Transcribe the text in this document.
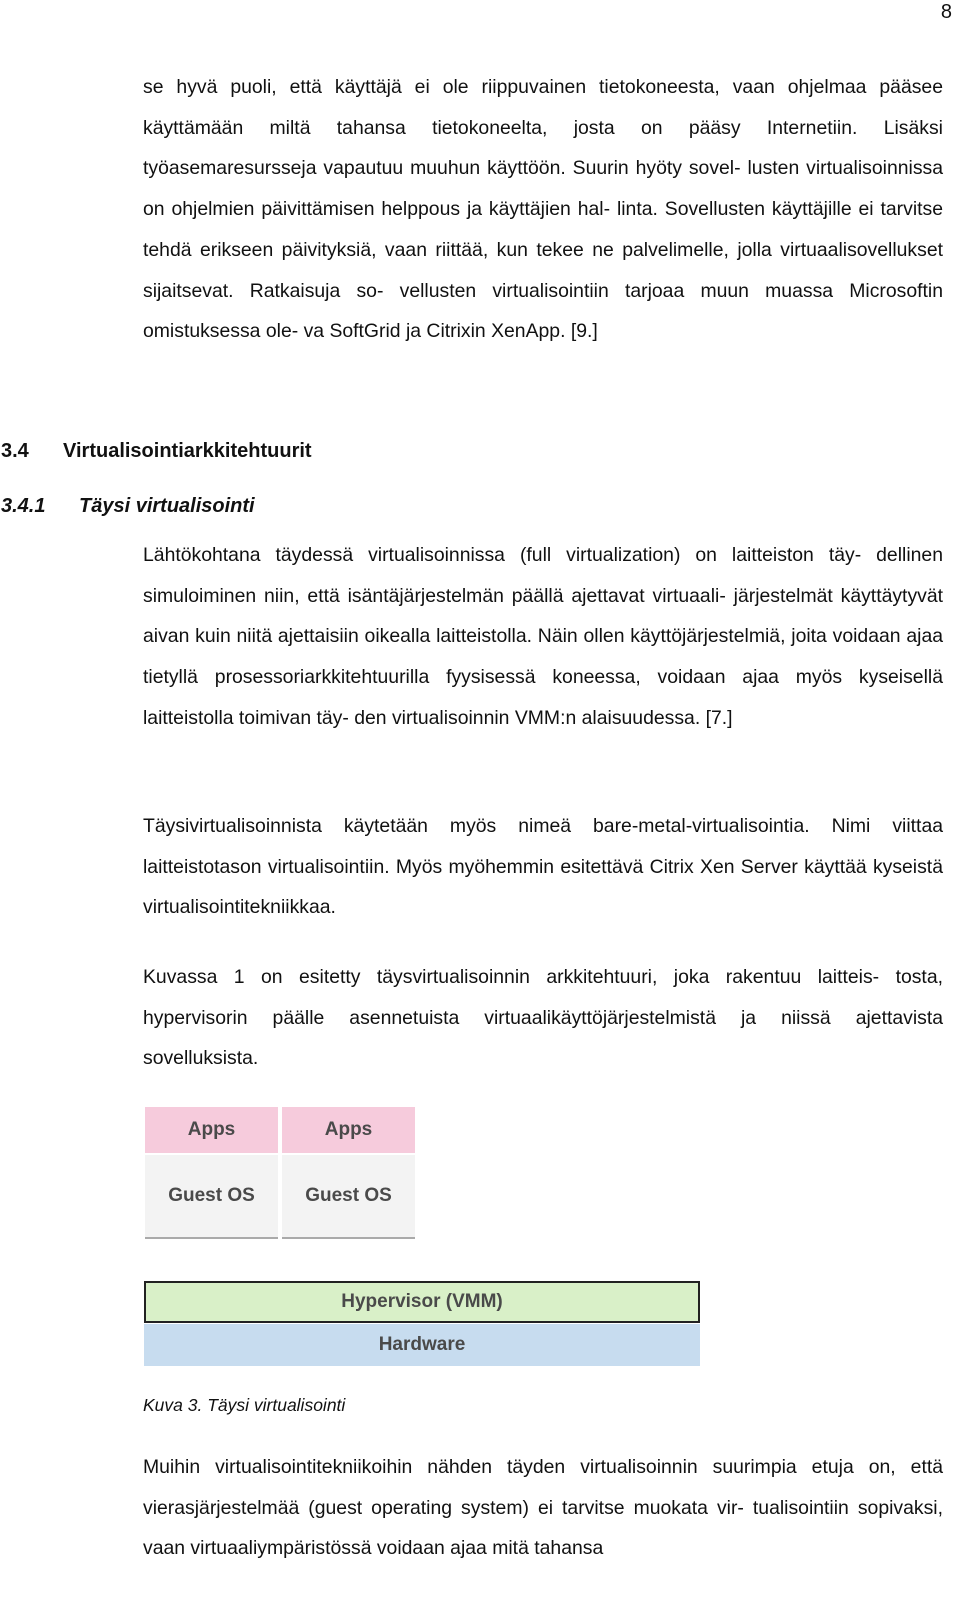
8

se hyvä puoli, että käyttäjä ei ole riippuvainen tietokoneesta, vaan ohjelmaa pääsee käyttämään miltä tahansa tietokoneelta, josta on pääsy Internetiin. Lisäksi työasemaresursseja vapautuu muuhun käyttöön. Suurin hyöty sovel- lusten virtualisoinnissa on ohjelmien päivittämisen helppous ja käyttäjien hal- linta. Sovellusten käyttäjille ei tarvitse tehdä erikseen päivityksiä, vaan riittää, kun tekee ne palvelimelle, jolla virtuaalisovellukset sijaitsevat. Ratkaisuja so- vellusten virtualisointiin tarjoaa muun muassa Microsoftin omistuksessa ole- va SoftGrid ja Citrixin XenApp. [9.]

3.4 Virtualisointiarkkitehtuurit
3.4.1 Täysi virtualisointi

Lähtökohtana täydessä virtualisoinnissa (full virtualization) on laitteiston täy- dellinen simuloiminen niin, että isäntäjärjestelmän päällä ajettavat virtuaali- järjestelmät käyttäytyvät aivan kuin niitä ajettaisiin oikealla laitteistolla. Näin ollen käyttöjärjestelmiä, joita voidaan ajaa tietyllä prosessoriarkkitehtuurilla fyysisessä koneessa, voidaan ajaa myös kyseisellä laitteistolla toimivan täy- den virtualisoinnin VMM:n alaisuudessa. [7.]

Täysivirtualisoinnista käytetään myös nimeä bare-metal-virtualisointia. Nimi viittaa laitteistotason virtualisointiin. Myös myöhemmin esitettävä Citrix Xen Server käyttää kyseistä virtualisointitekniikkaa.

Kuvassa 1 on esitetty täysvirtualisoinnin arkkitehtuuri, joka rakentuu laitteis- tosta, hypervisorin päälle asennetuista virtuaalikäyttöjärjestelmistä ja niissä ajettavista sovelluksista.

Muihin virtualisointitekniikoihin nähden täyden virtualisoinnin suurimpia etuja on, että vierasjärjestelmää (guest operating system) ei tarvitse muokata vir- tualisointiin sopivaksi, vaan virtuaaliympäristössä voidaan ajaa mitä tahansa

Apps	Apps
Guest OS	Guest OS
Hypervisor (VMM)
Hardware

Kuva 3. Täysi virtualisointi
